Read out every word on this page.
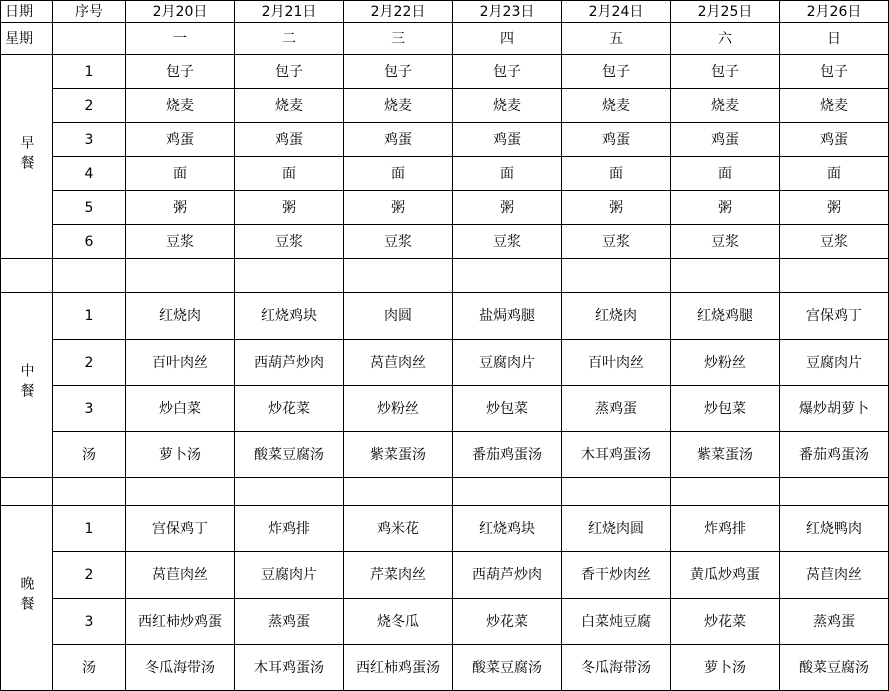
日期	序号	2月20日	2月21日	2月22日	2月23日	2月24日	2月25日	2月26日
星期		一	二	三	四	五	六	日
早餐	1	包子	包子	包子	包子	包子	包子	包子
	2	烧麦	烧麦	烧麦	烧麦	烧麦	烧麦	烧麦
	3	鸡蛋	鸡蛋	鸡蛋	鸡蛋	鸡蛋	鸡蛋	鸡蛋
	4	面	面	面	面	面	面	面
	5	粥	粥	粥	粥	粥	粥	粥
	6	豆浆	豆浆	豆浆	豆浆	豆浆	豆浆	豆浆

中餐	1	红烧肉	红烧鸡块	肉圆	盐焗鸡腿	红烧肉	红烧鸡腿	宫保鸡丁
	2	百叶肉丝	西葫芦炒肉	莴苣肉丝	豆腐肉片	百叶肉丝	炒粉丝	豆腐肉片
	3	炒白菜	炒花菜	炒粉丝	炒包菜	蒸鸡蛋	炒包菜	爆炒胡萝卜
	汤	萝卜汤	酸菜豆腐汤	紫菜蛋汤	番茄鸡蛋汤	木耳鸡蛋汤	紫菜蛋汤	番茄鸡蛋汤

晚餐	1	宫保鸡丁	炸鸡排	鸡米花	红烧鸡块	红烧肉圆	炸鸡排	红烧鸭肉
	2	莴苣肉丝	豆腐肉片	芹菜肉丝	西葫芦炒肉	香干炒肉丝	黄瓜炒鸡蛋	莴苣肉丝
	3	西红柿炒鸡蛋	蒸鸡蛋	烧冬瓜	炒花菜	白菜炖豆腐	炒花菜	蒸鸡蛋
	汤	冬瓜海带汤	木耳鸡蛋汤	西红柿鸡蛋汤	酸菜豆腐汤	冬瓜海带汤	萝卜汤	酸菜豆腐汤
